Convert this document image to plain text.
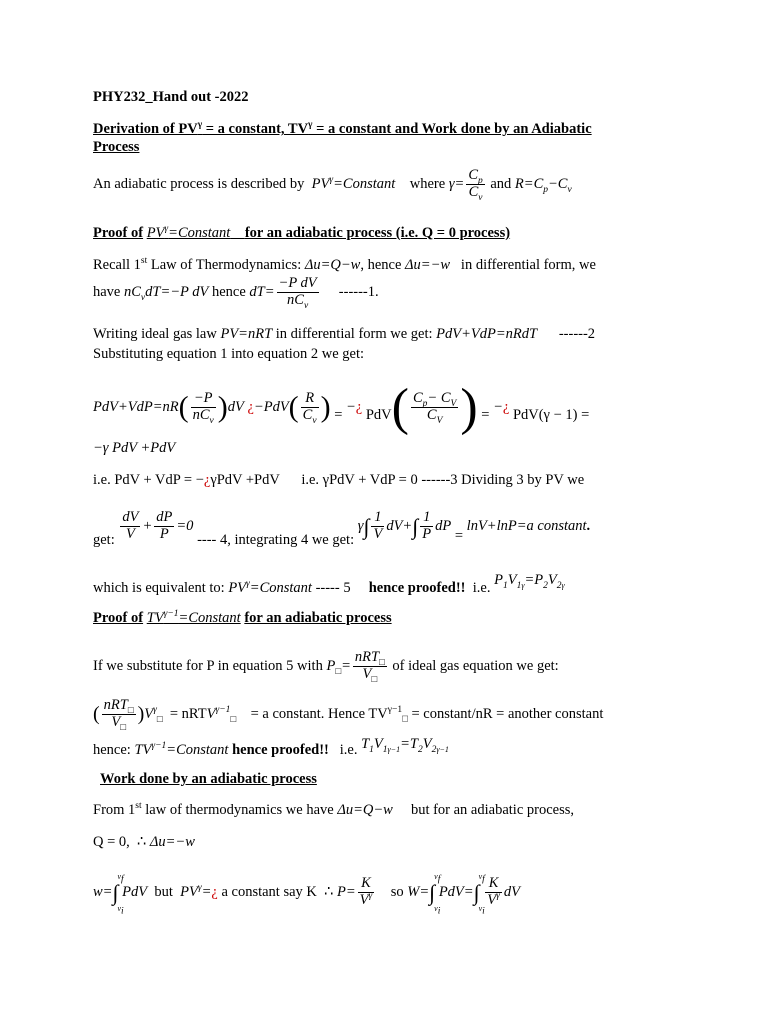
PHY232_Hand out -2022
Derivation of $PV^\gamma = a$ constant, $TV^\gamma = a$ constant and Work done by an Adiabatic
Process
An adiabatic process is described by  $PV^\gamma=Constant$ where $\gamma= \frac{C_p}{C_v}$ and $R=C_p-C_v$
Proof of $PV^\gamma=Constant$ for an adiabatic process (i.e. Q = 0 process)
Recall 1st Law of Thermodynamics: Δu=Q−w, hence Δu=−w in differential form, we
have $nC_vdT=-P$ dV hence $dT= \frac{\text{−P dV}}{nC_v} ------1$.
Writing ideal gas law PV=nRT in differential form we get: PdV+VdP=nRdT ------2
Substituting equation 1 into equation 2 we get:
$PdV+VdP=nR( \frac{-P}{nC_v} )dV$ ¿$-PdV( \frac{R}{C_v}$ ) = −¿ $PdV( \frac{C_p- C_V}{C_V}$ ) = −¿ PdV(γ − 1) =
−γ PdV +PdV
i.e. PdV + VdP = −¿γPdV +PdV i.e. γPdV + VdP = 0 ------3 Dividing 3 by PV we
get: $\frac{dV}{V} + \frac{dP}{P} =0$ ---- 4, integrating 4 we get: $\gamma\int \frac{1}{V} dV+\int \frac{1}{P}$ dP = lnV+lnP=a constant.
which is equivalent to: $PV^\gamma=Constant$ ----- 5 hence proofed!! i.e. $P_1V_{1\gamma}=P_2V_{2\gamma}$
Proof of $TV^{\gamma-1}=Constant$ for an adiabatic process
If we substitute for P in equation 5 with $P_□= \frac{nRT_□}{V_□}$ of ideal gas equation we get:
( $\frac{nRT_□}{V_□} )V^\gamma_□$  = nRTV$^{\gamma-1}_□$ = a constant. Hence $TV^{\gamma-1}_□$ = constant/nR = another constant
hence: $TV^{\gamma-1}=Constant$ hence proofed!! i.e. $T_1V_{1\gamma-1}=T_2V_{2\gamma-1}$
Work done by an adiabatic process
From 1st law of thermodynamics we have Δu=Q−w but for an adiabatic process,
Q = 0,  ∴ Δu=−w
w=∫
$v_f$
$v_i$
PdV but $PV^\gamma=¿$ a constant say K  ∴ $P= \frac{K}{V^\gamma}$ so W=∫
$v_f$
$v_i$
PdV=∫
$v_f$
$v_i$

$\frac{K}{V^\gamma}$ dV
